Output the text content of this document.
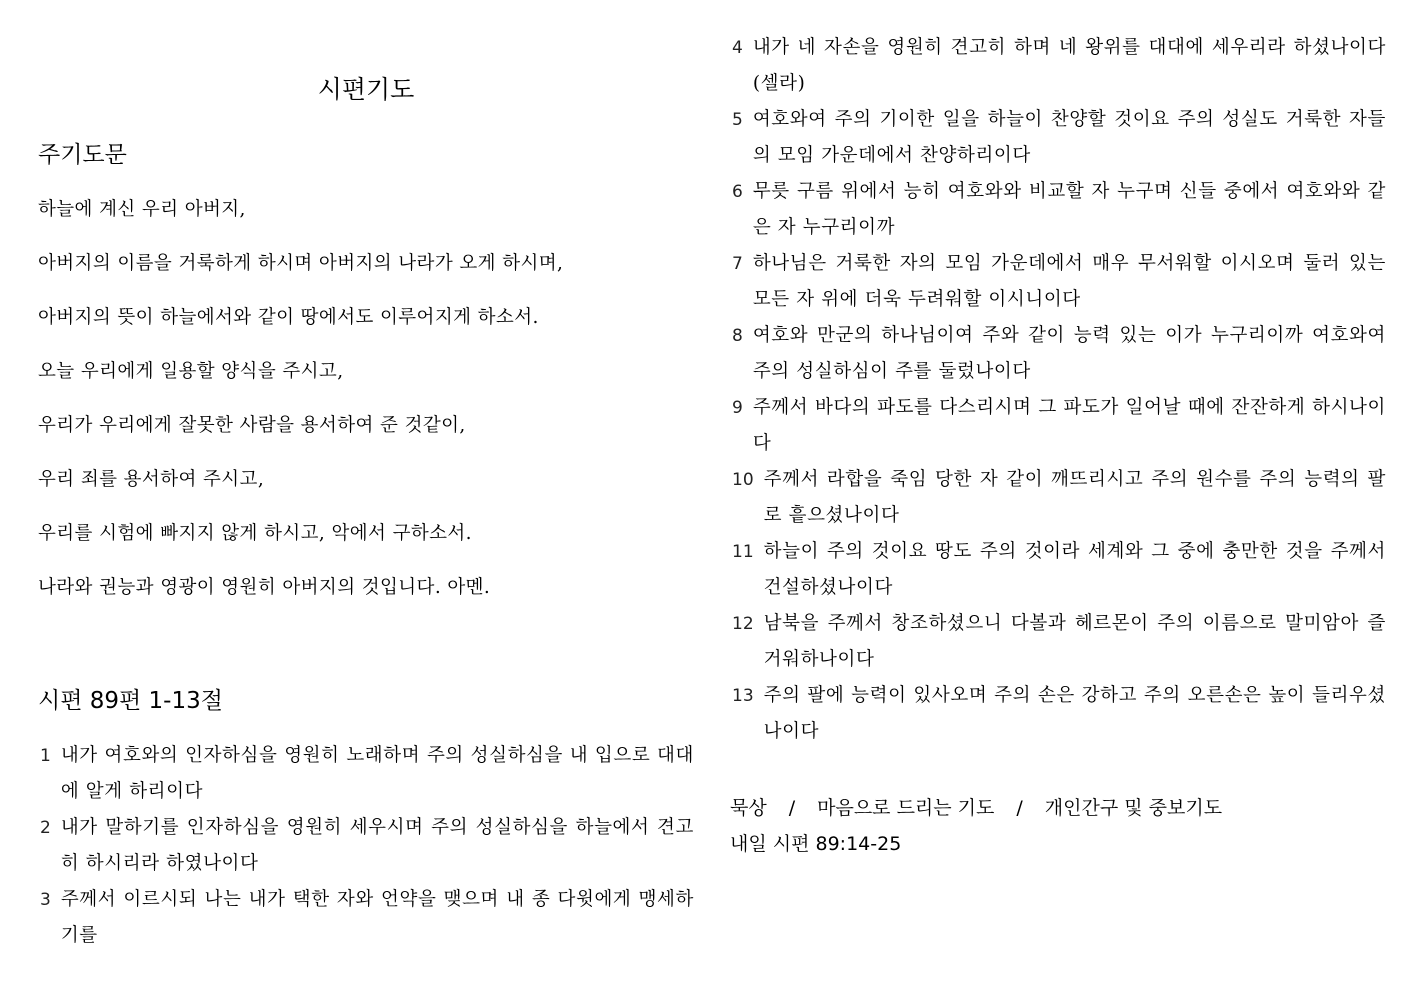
시편기도
주기도문
하늘에 계신 우리 아버지,
아버지의 이름을 거룩하게 하시며 아버지의 나라가 오게 하시며,
아버지의 뜻이 하늘에서와 같이 땅에서도 이루어지게 하소서.
오늘 우리에게 일용할 양식을 주시고,
우리가 우리에게 잘못한 사람을 용서하여 준 것같이,
우리 죄를 용서하여 주시고,
우리를 시험에 빠지지 않게 하시고, 악에서 구하소서.
나라와 권능과 영광이 영원히 아버지의 것입니다. 아멘.
시편 89편 1-13절
1 내가 여호와의 인자하심을 영원히 노래하며 주의 성실하심을 내 입으로 대대에 알게 하리이다
2 내가 말하기를 인자하심을 영원히 세우시며 주의 성실하심을 하늘에서 견고히 하시리라 하였나이다
3 주께서 이르시되 나는 내가 택한 자와 언약을 맺으며 내 종 다윗에게 맹세하기를
4 내가 네 자손을 영원히 견고히 하며 네 왕위를 대대에 세우리라 하셨나이다 (셀라)
5 여호와여 주의 기이한 일을 하늘이 찬양할 것이요 주의 성실도 거룩한 자들의 모임 가운데에서 찬양하리이다
6 무릇 구름 위에서 능히 여호와와 비교할 자 누구며 신들 중에서 여호와와 같은 자 누구리이까
7 하나님은 거룩한 자의 모임 가운데에서 매우 무서워할 이시오며 둘러 있는 모든 자 위에 더욱 두려워할 이시니이다
8 여호와 만군의 하나님이여 주와 같이 능력 있는 이가 누구리이까 여호와여 주의 성실하심이 주를 둘렀나이다
9 주께서 바다의 파도를 다스리시며 그 파도가 일어날 때에 잔잔하게 하시나이다
10 주께서 라합을 죽임 당한 자 같이 깨뜨리시고 주의 원수를 주의 능력의 팔로 흩으셨나이다
11 하늘이 주의 것이요 땅도 주의 것이라 세계와 그 중에 충만한 것을 주께서 건설하셨나이다
12 남북을 주께서 창조하셨으니 다볼과 헤르몬이 주의 이름으로 말미암아 즐거워하나이다
13 주의 팔에 능력이 있사오며 주의 손은 강하고 주의 오른손은 높이 들리우셨나이다
묵상 / 마음으로 드리는 기도 / 개인간구 및 중보기도
내일 시편 89:14-25
